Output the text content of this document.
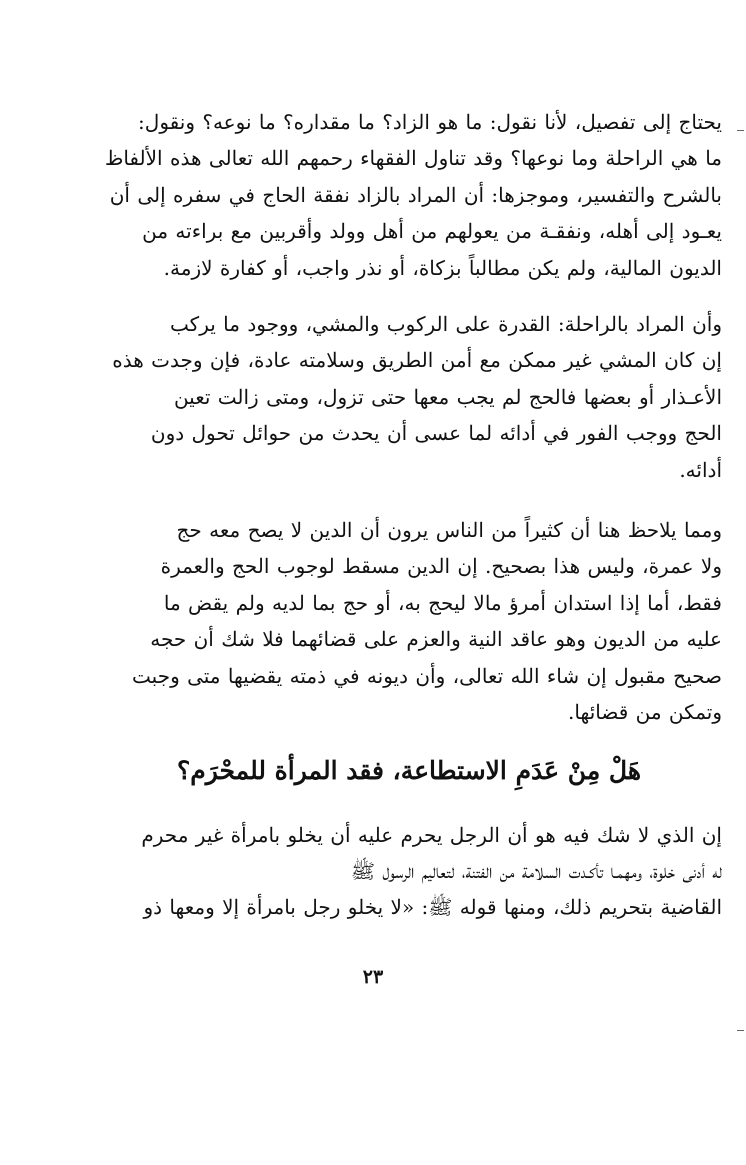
يحتاج إلى تفصيل، لأنا نقول: ما هو الزاد؟ ما مقداره؟ ما نوعه؟ ونقول:
ما هي الراحلة وما نوعها؟ وقد تناول الفقهاء رحمهم الله تعالى هذه الألفاظ
بالشرح والتفسير، وموجزها: أن المراد بالزاد نفقة الحاج في سفره إلى أن
يعـود إلى أهله، ونفقـة من يعولهم من أهل وولد وأقربين مع براءته من
الديون المالية، ولم يكن مطالباً بزكاة، أو نذر واجب، أو كفارة لازمة.

وأن المراد بالراحلة: القدرة على الركوب والمشي، ووجود ما يركب
إن كان المشي غير ممكن مع أمن الطريق وسلامته عادة، فإن وجدت هذه
الأعـذار أو بعضها فالحج لم يجب معها حتى تزول، ومتى زالت تعين
الحج ووجب الفور في أدائه لما عسى أن يحدث من حوائل تحول دون
أدائه.

ومما يلاحظ هنا أن كثيراً من الناس يرون أن الدين لا يصح معه حج
ولا عمرة، وليس هذا بصحيح. إن الدين مسقط لوجوب الحج والعمرة
فقط، أما إذا استدان أمرؤ مالا ليحج به، أو حج بما لديه ولم يقض ما
عليه من الديون وهو عاقد النية والعزم على قضائهما فلا شك أن حجه
صحيح مقبول إن شاء الله تعالى، وأن ديونه في ذمته يقضيها متى وجبت
وتمكن من قضائها.

هَلْ مِنْ عَدَمِ الاستطاعة، فقد المرأة للمحْرَم؟

إن الذي لا شك فيه هو أن الرجل يحرم عليه أن يخلو بامرأة غير محرم
له أدنى خلوة، ومهمـا تأكـدت السلامة من الفتنة، لتعاليم الرسول ﷺ
القاضية بتحريم ذلك، ومنها قوله ﷺ: «لا يخلو رجل بامرأة إلا ومعها ذو

٢٣
